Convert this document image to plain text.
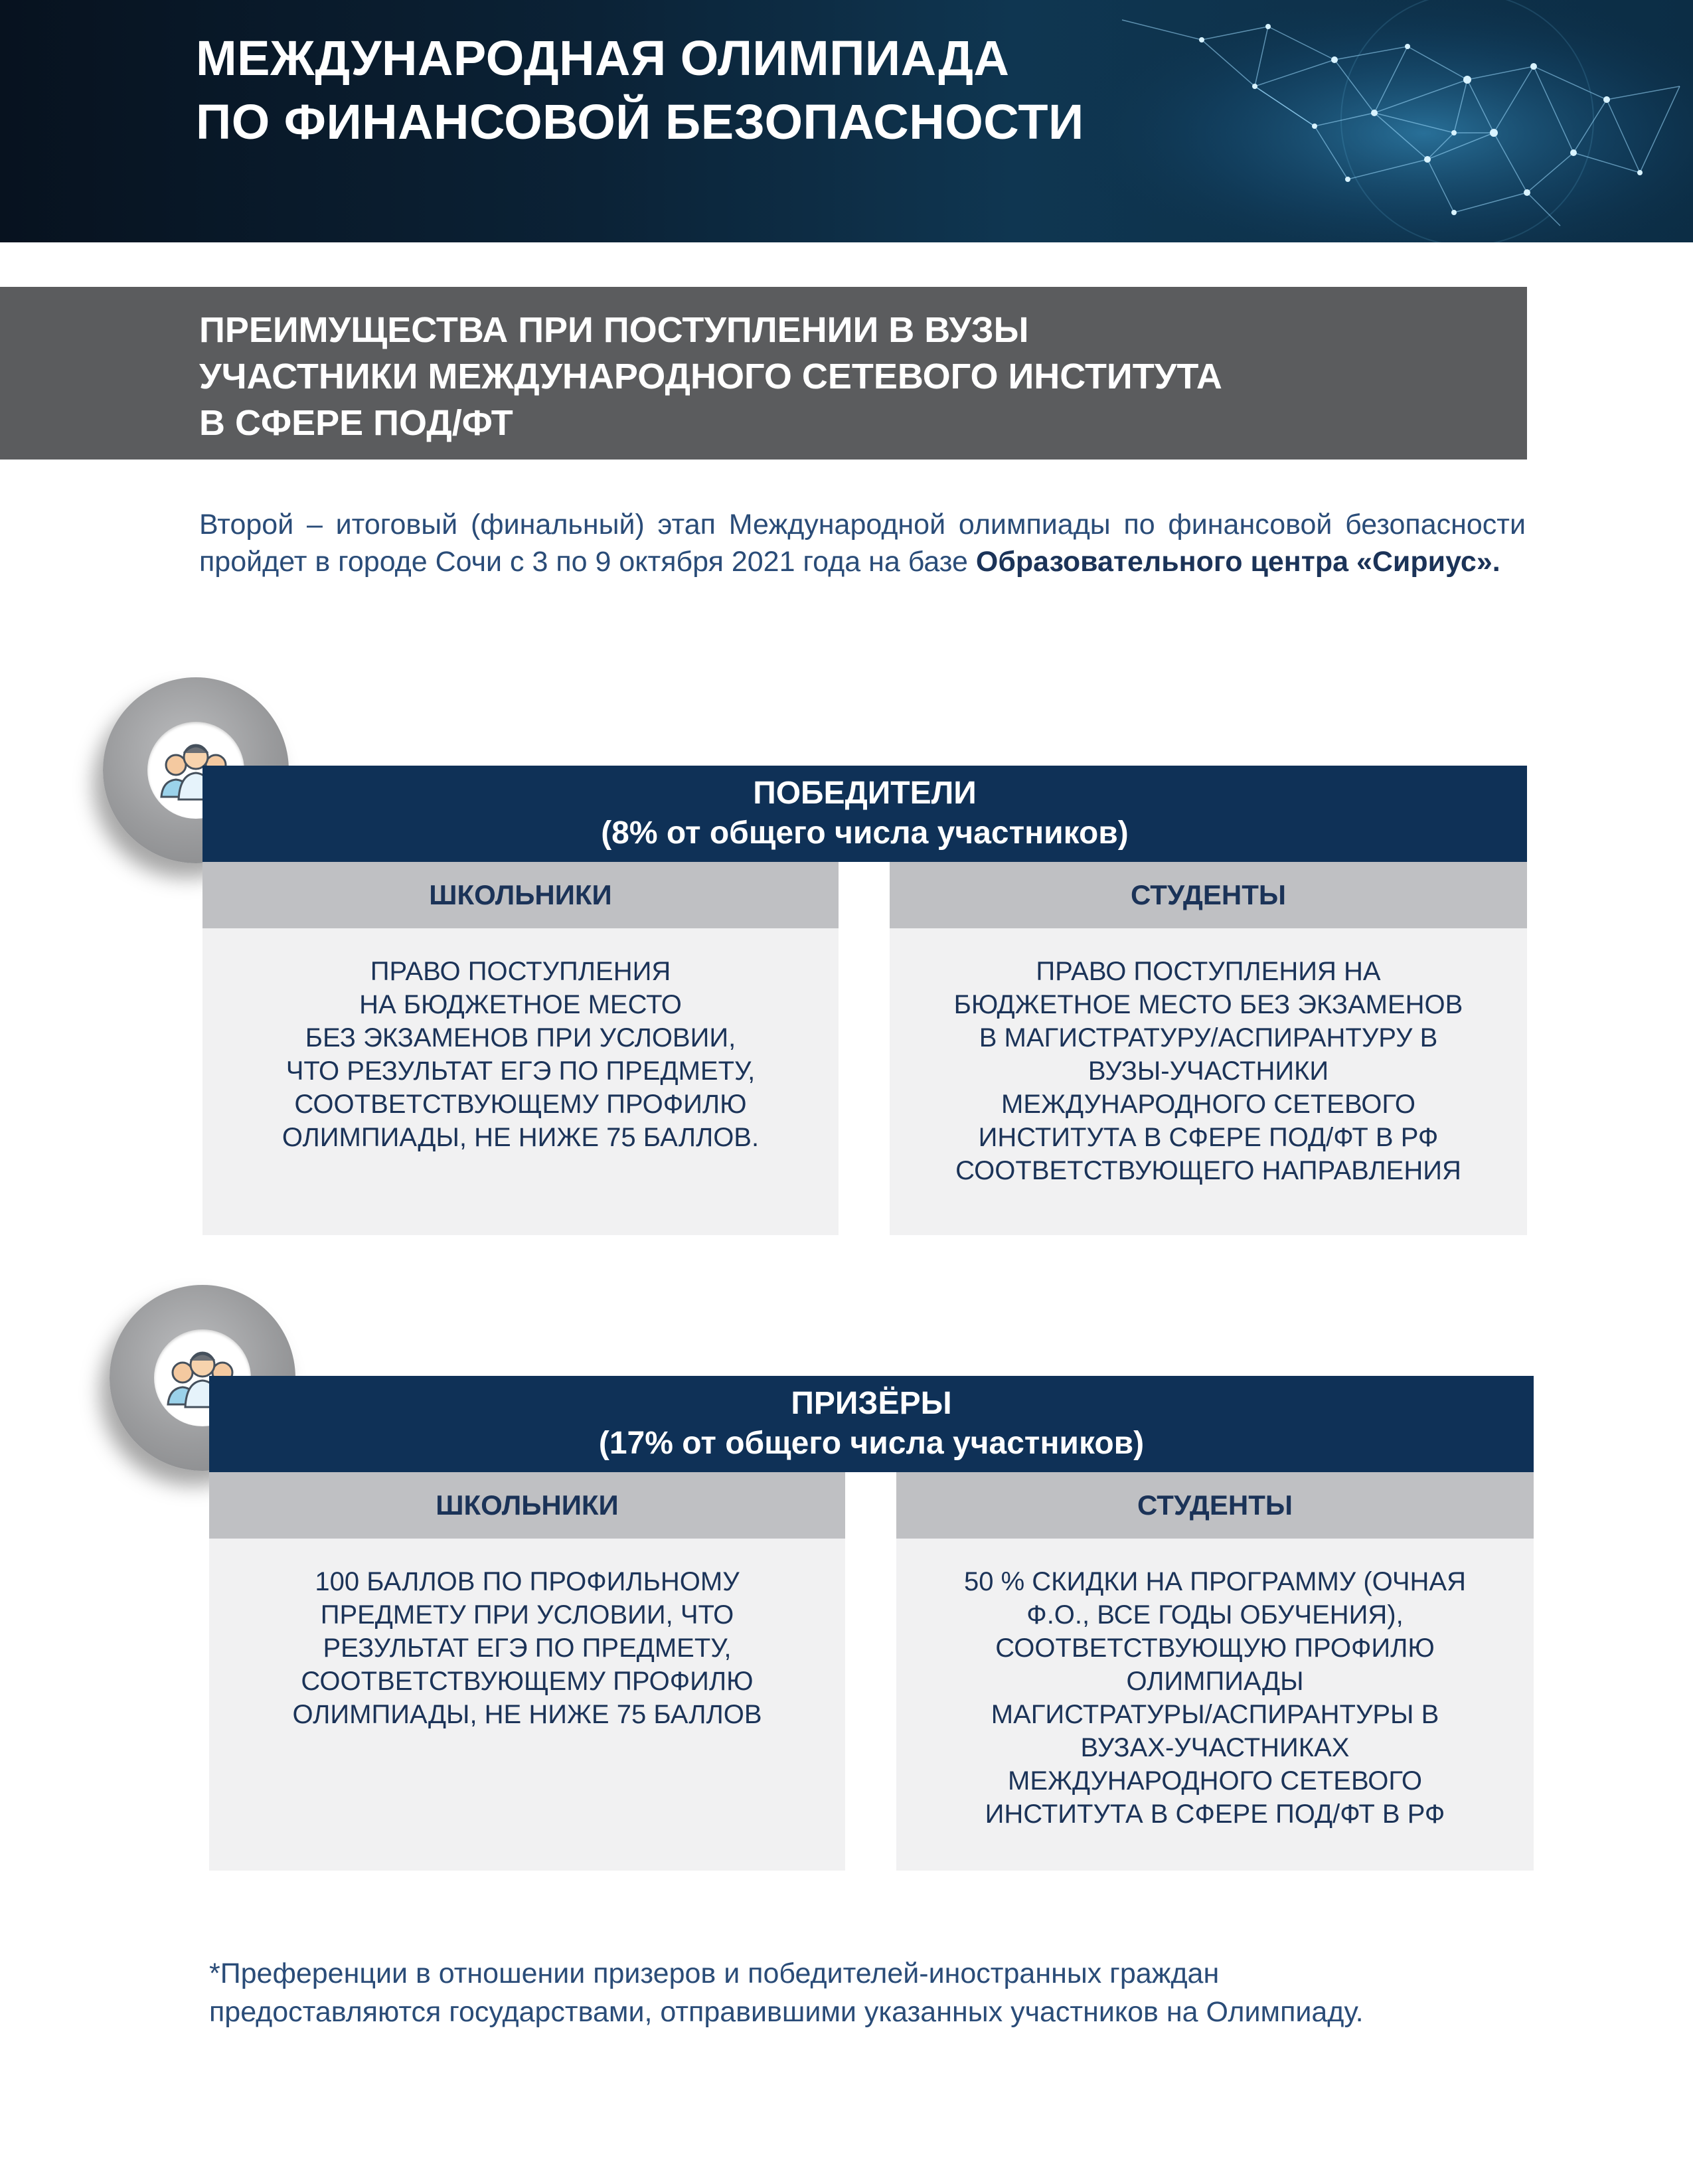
МЕЖДУНАРОДНАЯ ОЛИМПИАДА
ПО ФИНАНСОВОЙ БЕЗОПАСНОСТИ
ПРЕИМУЩЕСТВА ПРИ ПОСТУПЛЕНИИ В ВУЗЫ
УЧАСТНИКИ МЕЖДУНАРОДНОГО СЕТЕВОГО ИНСТИТУТА
В СФЕРЕ ПОД/ФТ
Второй – итоговый (финальный) этап Международной олимпиады по финансовой безопасности пройдет в городе Сочи с 3 по 9 октября 2021 года на базе Образовательного центра «Сириус».
ПОБЕДИТЕЛИ
(8% от общего числа участников)
ШКОЛЬНИКИ	СТУДЕНТЫ
ПРАВО ПОСТУПЛЕНИЯ
НА БЮДЖЕТНОЕ МЕСТО
БЕЗ ЭКЗАМЕНОВ ПРИ УСЛОВИИ,
ЧТО РЕЗУЛЬТАТ ЕГЭ ПО ПРЕДМЕТУ,
СООТВЕТСТВУЮЩЕМУ ПРОФИЛЮ
ОЛИМПИАДЫ, НЕ НИЖЕ 75 БАЛЛОВ.
ПРАВО ПОСТУПЛЕНИЯ НА
БЮДЖЕТНОЕ МЕСТО БЕЗ ЭКЗАМЕНОВ
В МАГИСТРАТУРУ/АСПИРАНТУРУ В
ВУЗЫ-УЧАСТНИКИ
МЕЖДУНАРОДНОГО СЕТЕВОГО
ИНСТИТУТА В СФЕРЕ ПОД/ФТ В РФ
СООТВЕТСТВУЮЩЕГО НАПРАВЛЕНИЯ
ПРИЗЁРЫ
(17% от общего числа участников)
ШКОЛЬНИКИ	СТУДЕНТЫ
100 БАЛЛОВ ПО ПРОФИЛЬНОМУ
ПРЕДМЕТУ ПРИ УСЛОВИИ, ЧТО
РЕЗУЛЬТАТ ЕГЭ ПО ПРЕДМЕТУ,
СООТВЕТСТВУЮЩЕМУ ПРОФИЛЮ
ОЛИМПИАДЫ, НЕ НИЖЕ 75 БАЛЛОВ
50 % СКИДКИ НА ПРОГРАММУ (ОЧНАЯ
Ф.О., ВСЕ ГОДЫ ОБУЧЕНИЯ),
СООТВЕТСТВУЮЩУЮ ПРОФИЛЮ
ОЛИМПИАДЫ
МАГИСТРАТУРЫ/АСПИРАНТУРЫ В
ВУЗАХ-УЧАСТНИКАХ
МЕЖДУНАРОДНОГО СЕТЕВОГО
ИНСТИТУТА В СФЕРЕ ПОД/ФТ В РФ
*Преференции в отношении призеров и победителей-иностранных граждан
предоставляются государствами, отправившими указанных участников на Олимпиаду.
